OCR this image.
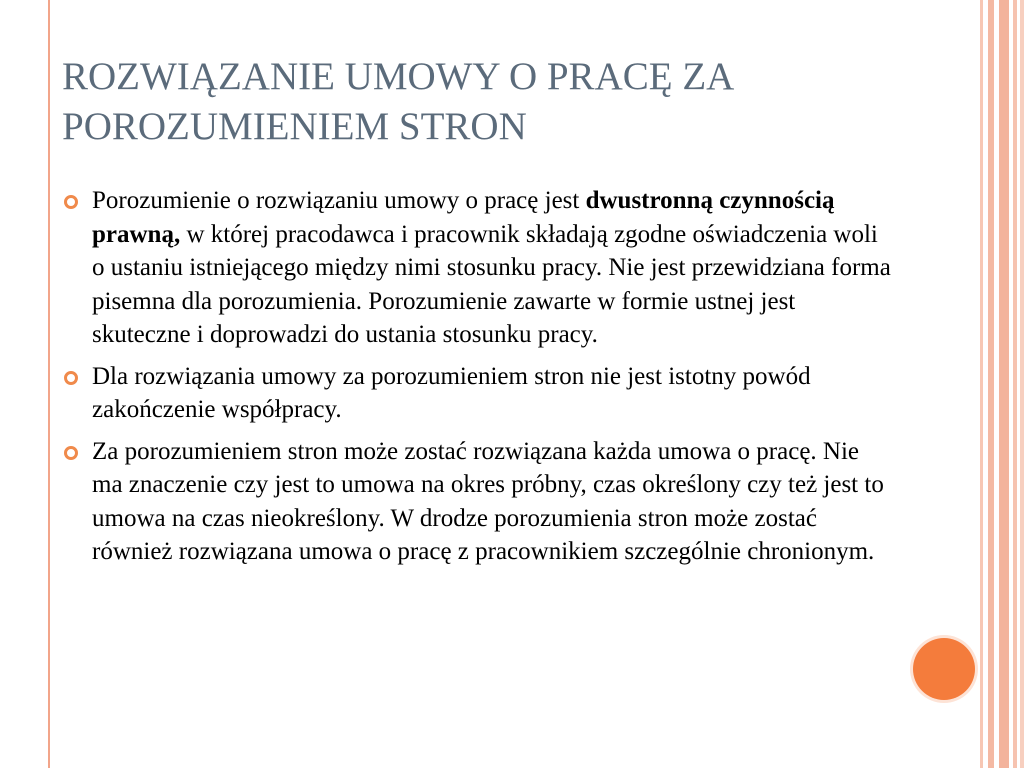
ROZWIĄZANIE UMOWY O PRACĘ ZA
POROZUMIENIEM STRON
Porozumienie o rozwiązaniu umowy o pracę jest dwustronną czynnością prawną, w której pracodawca i pracownik składają zgodne oświadczenia woli o ustaniu istniejącego między nimi stosunku pracy. Nie jest przewidziana forma pisemna dla porozumienia. Porozumienie zawarte w formie ustnej jest skuteczne i doprowadzi do ustania stosunku pracy.
Dla rozwiązania umowy za porozumieniem stron nie jest istotny powód zakończenie współpracy.
Za porozumieniem stron może zostać rozwiązana każda umowa o pracę. Nie ma znaczenie czy jest to umowa na okres próbny, czas określony czy też jest to umowa na czas nieokreślony. W drodze porozumienia stron może zostać również rozwiązana umowa o pracę z pracownikiem szczególnie chronionym.
